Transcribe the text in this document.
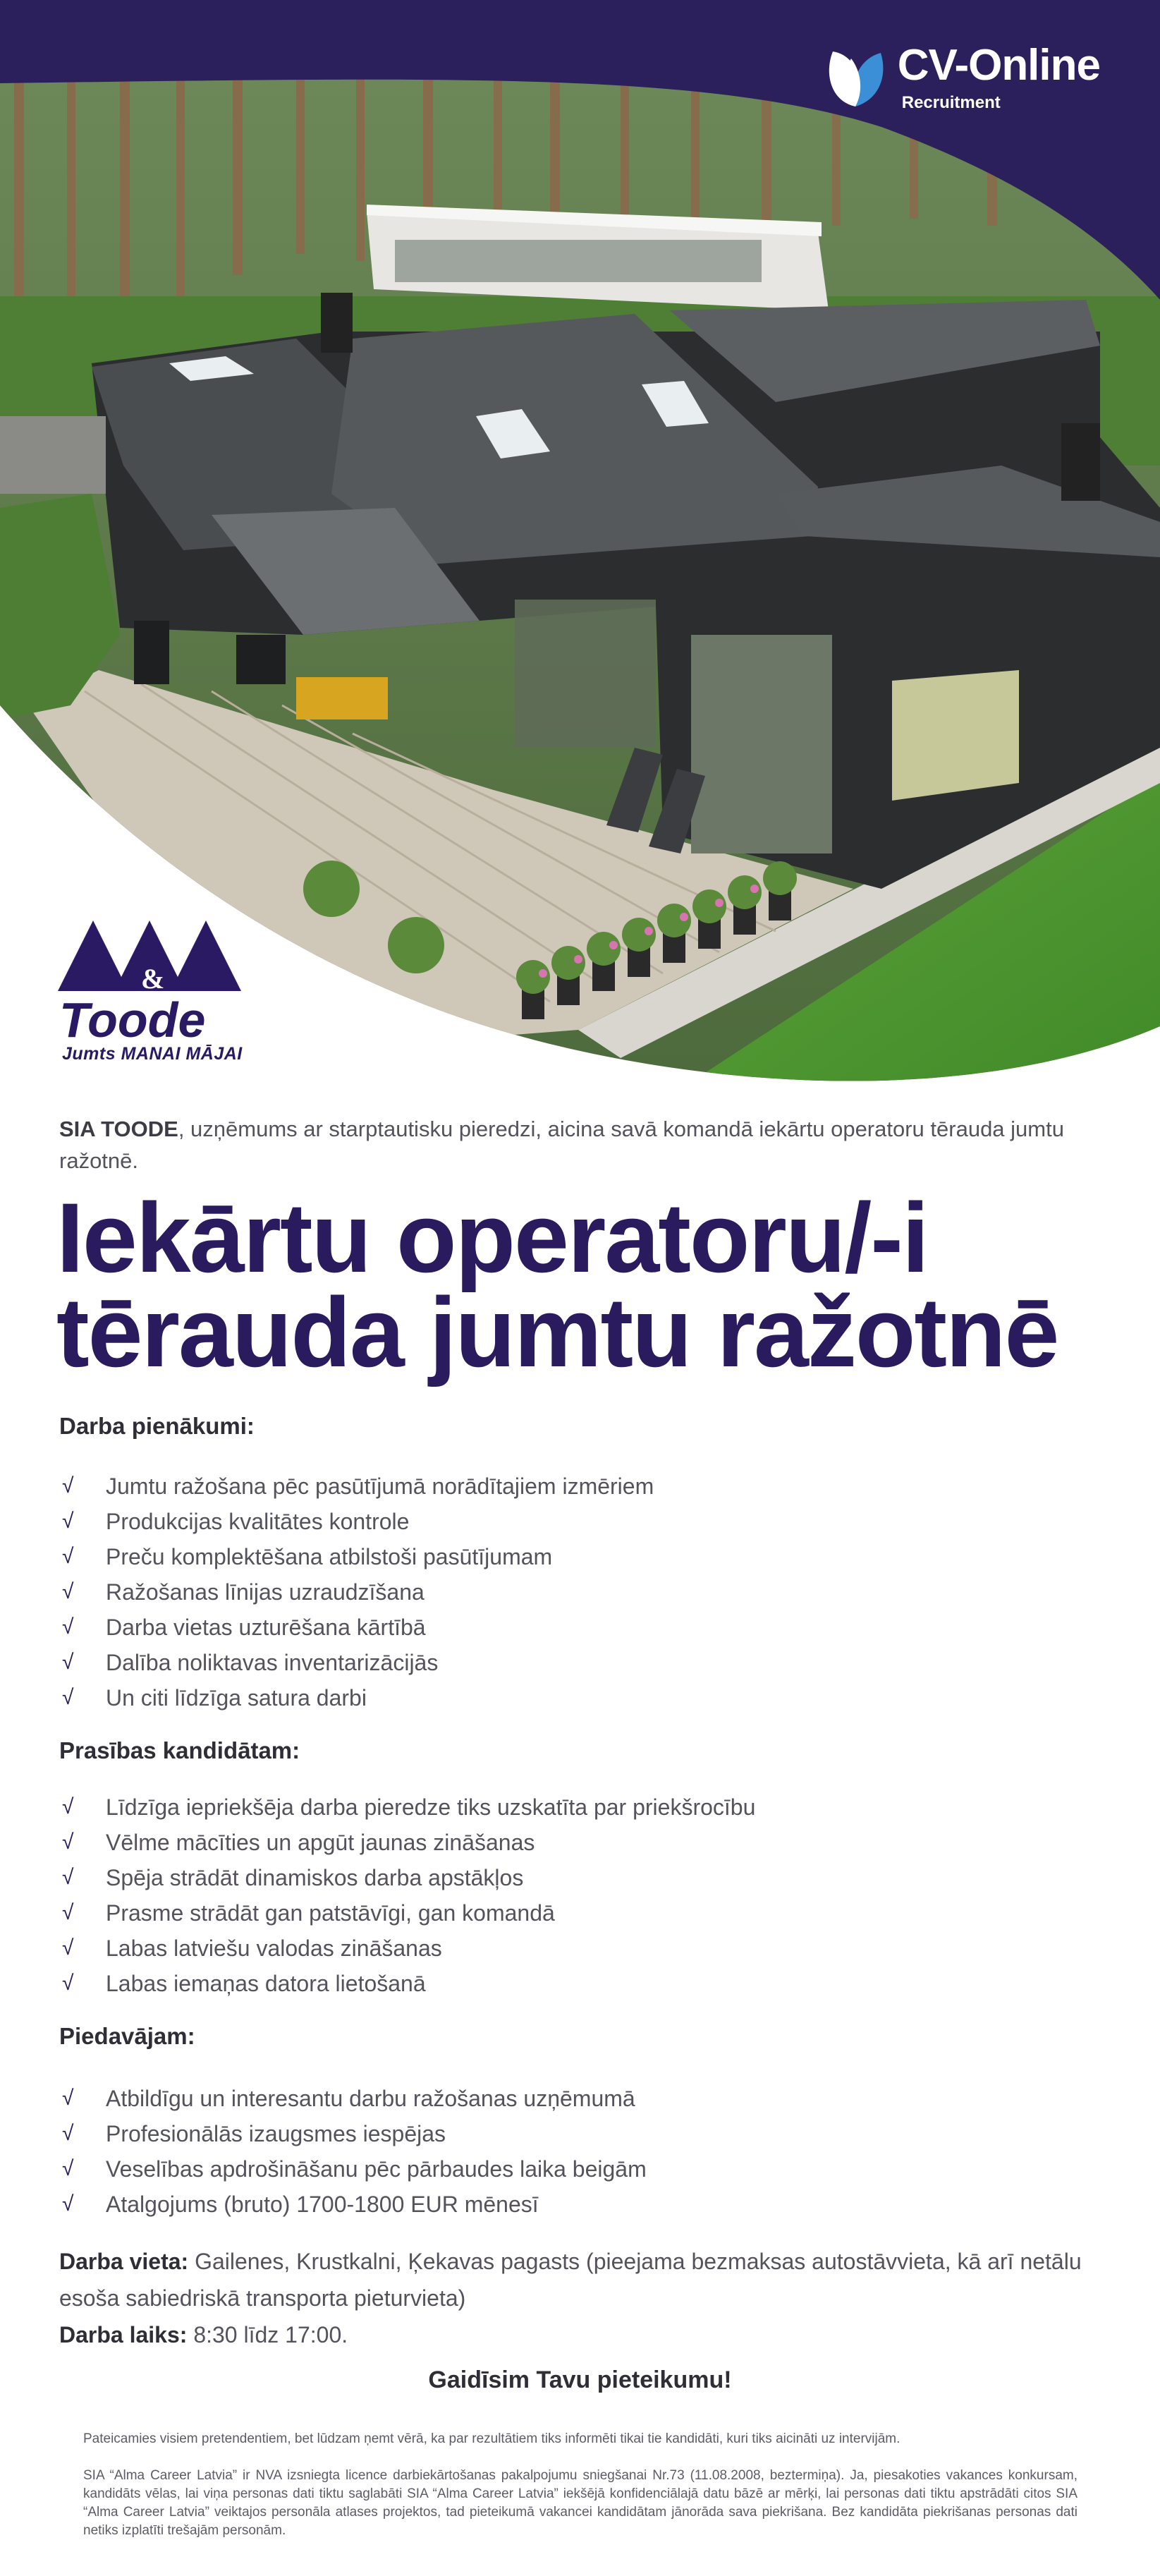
CV-Online
Recruitment
&
Toode
Jumts MANAI MĀJAI
SIA TOODE, uzņēmums ar starptautisku pieredzi, aicina savā komandā iekārtu operatoru tērauda jumtu ražotnē.
Iekārtu operatoru/-i
tērauda jumtu ražotnē
Darba pienākumi:
√	Jumtu ražošana pēc pasūtījumā norādītajiem izmēriem
√	Produkcijas kvalitātes kontrole
√	Preču komplektēšana atbilstoši pasūtījumam
√	Ražošanas līnijas uzraudzīšana
√	Darba vietas uzturēšana kārtībā
√	Dalība noliktavas inventarizācijās
√	Un citi līdzīga satura darbi
Prasības kandidātam:
√	Līdzīga iepriekšēja darba pieredze tiks uzskatīta par priekšrocību
√	Vēlme mācīties un apgūt jaunas zināšanas
√	Spēja strādāt dinamiskos darba apstākļos
√	Prasme strādāt gan patstāvīgi, gan komandā
√	Labas latviešu valodas zināšanas
√	Labas iemaņas datora lietošanā
Piedavājam:
√	Atbildīgu un interesantu darbu ražošanas uzņēmumā
√	Profesionālās izaugsmes iespējas
√	Veselības apdrošināšanu pēc pārbaudes laika beigām
√	Atalgojums (bruto) 1700-1800 EUR mēnesī
Darba vieta: Gailenes, Krustkalni, Ķekavas pagasts (pieejama bezmaksas autostāvvieta, kā arī netālu esoša sabiedriskā transporta pieturvieta)
Darba laiks: 8:30 līdz 17:00.
Gaidīsim Tavu pieteikumu!
Pateicamies visiem pretendentiem, bet lūdzam ņemt vērā, ka par rezultātiem tiks informēti tikai tie kandidāti, kuri tiks aicināti uz intervijām.
SIA “Alma Career Latvia” ir NVA izsniegta licence darbiekārtošanas pakalpojumu sniegšanai Nr.73 (11.08.2008, beztermiņa). Ja, piesakoties vakances konkursam, kandidāts vēlas, lai viņa personas dati tiktu saglabāti SIA “Alma Career Latvia” iekšējā konfidenciālajā datu bāzē ar mērķi, lai personas dati tiktu apstrādāti citos SIA “Alma Career Latvia” veiktajos personāla atlases projektos, tad pieteikumā vakancei kandidātam jānorāda sava piekrišana. Bez kandidāta piekrišanas personas dati netiks izplatīti trešajām personām.
